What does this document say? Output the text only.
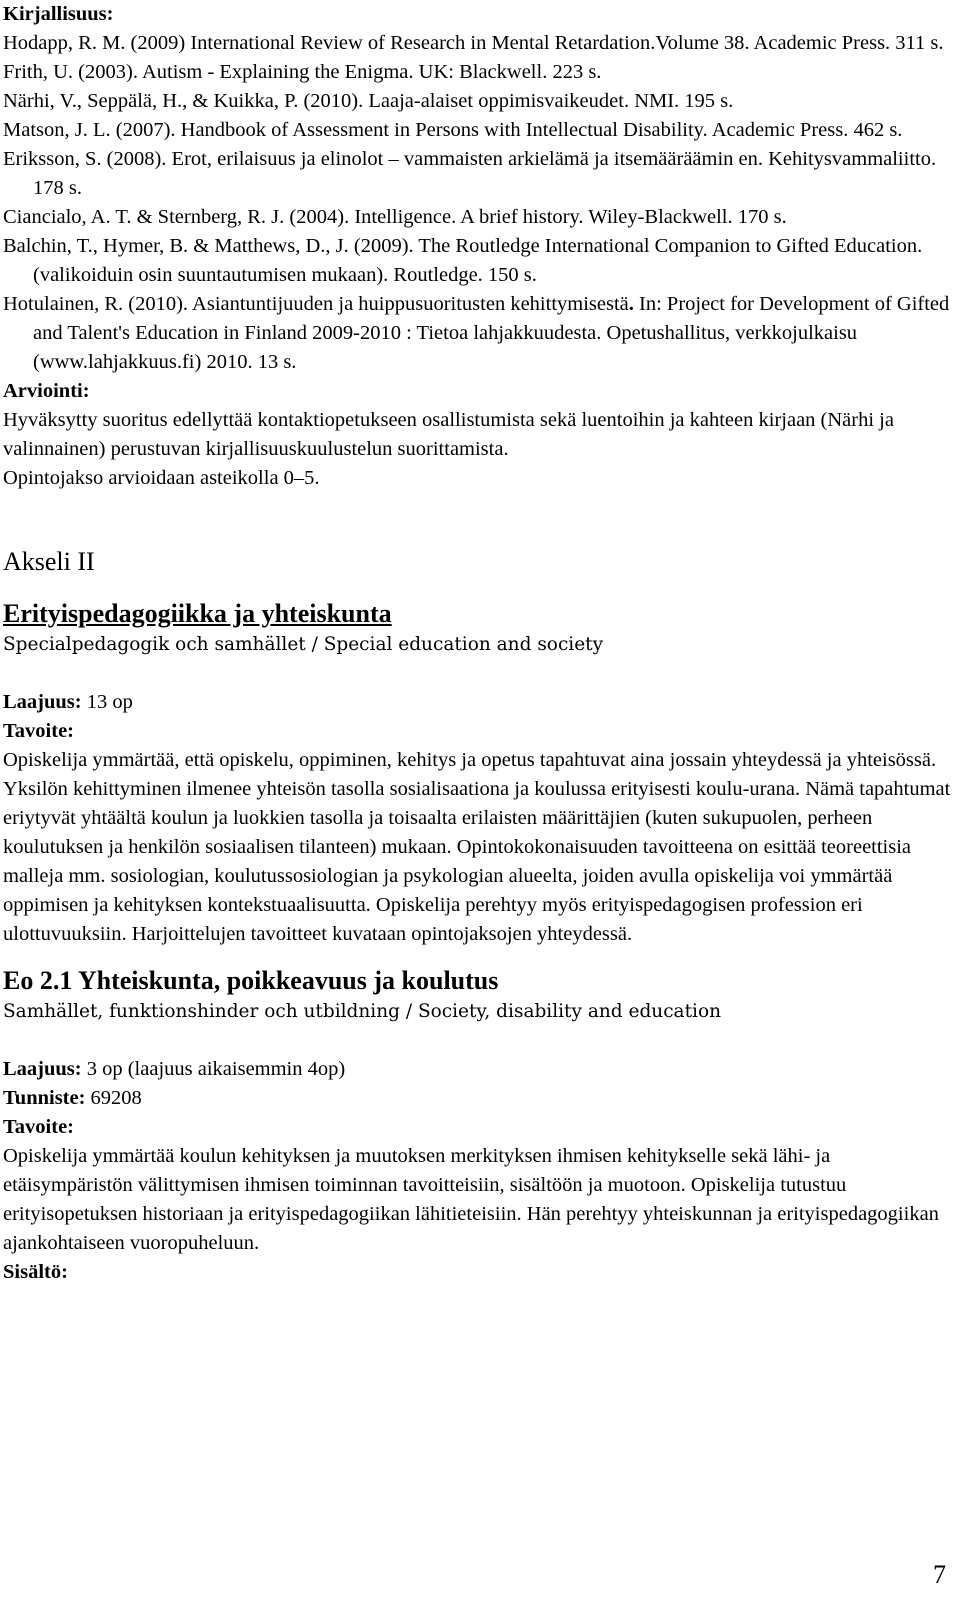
Kirjallisuus:

Hodapp, R. M. (2009) International Review of Research in Mental Retardation.Volume 38. Academic Press. 311 s.

Frith, U. (2003). Autism - Explaining the Enigma. UK: Blackwell. 223 s.

Närhi, V., Seppälä, H., & Kuikka, P. (2010). Laaja-alaiset oppimisvaikeudet. NMI. 195 s.

Matson, J. L. (2007). Handbook of Assessment in Persons with Intellectual Disability. Academic Press. 462 s.

Eriksson, S. (2008). Erot, erilaisuus ja elinolot – vammaisten arkielämä ja itsemääräämin en. Kehitysvammaliitto. 178 s.

Ciancialo, A. T. & Sternberg, R. J. (2004). Intelligence. A brief history. Wiley-Blackwell. 170 s.

Balchin, T., Hymer, B. & Matthews, D., J. (2009). The Routledge International Companion to Gifted Education. (valikoiduin osin suuntautumisen mukaan). Routledge. 150 s.

Hotulainen, R. (2010). Asiantuntijuuden ja huippusuoritusten kehittymisestä. In: Project for Development of Gifted and Talent's Education in Finland 2009-2010 : Tietoa lahjakkuudesta. Opetushallitus, verkkojulkaisu (www.lahjakkuus.fi) 2010. 13 s.

Arviointi:

Hyväksytty suoritus edellyttää kontaktiopetukseen osallistumista sekä luentoihin ja kahteen kirjaan (Närhi ja valinnainen) perustuvan kirjallisuuskuulustelun suorittamista.

Opintojakso arvioidaan asteikolla 0–5.

Akseli II
Erityispedagogiikka ja yhteiskunta
Specialpedagogik och samhället / Special education and society

Laajuus: 13 op

Tavoite:

Opiskelija ymmärtää, että opiskelu, oppiminen, kehitys ja opetus tapahtuvat aina jossain yhteydessä ja yhteisössä. Yksilön kehittyminen ilmenee yhteisön tasolla sosialisaationa ja koulussa erityisesti koulu-urana. Nämä tapahtumat eriytyvät yhtäältä koulun ja luokkien tasolla ja toisaalta erilaisten määrittäjien (kuten sukupuolen, perheen koulutuksen ja henkilön sosiaalisen tilanteen) mukaan. Opintokokonaisuuden tavoitteena on esittää teoreettisia malleja mm. sosiologian, koulutussosiologian ja psykologian alueelta, joiden avulla opiskelija voi ymmärtää oppimisen ja kehityksen kontekstuaalisuutta. Opiskelija perehtyy myös erityispedagogisen profession eri ulottuvuuksiin. Harjoittelujen tavoitteet kuvataan opintojaksojen yhteydessä.

Eo 2.1 Yhteiskunta, poikkeavuus ja koulutus
Samhället, funktionshinder och utbildning / Society, disability and education

Laajuus: 3 op (laajuus aikaisemmin 4op)

Tunniste: 69208

Tavoite:

Opiskelija ymmärtää koulun kehityksen ja muutoksen merkityksen ihmisen kehitykselle sekä lähi- ja etäisympäristön välittymisen ihmisen toiminnan tavoitteisiin, sisältöön ja muotoon. Opiskelija tutustuu erityisopetuksen historiaan ja erityispedagogiikan lähitieteisiin. Hän perehtyy yhteiskunnan ja erityispedagogiikan ajankohtaiseen vuoropuheluun.

Sisältö:
7
